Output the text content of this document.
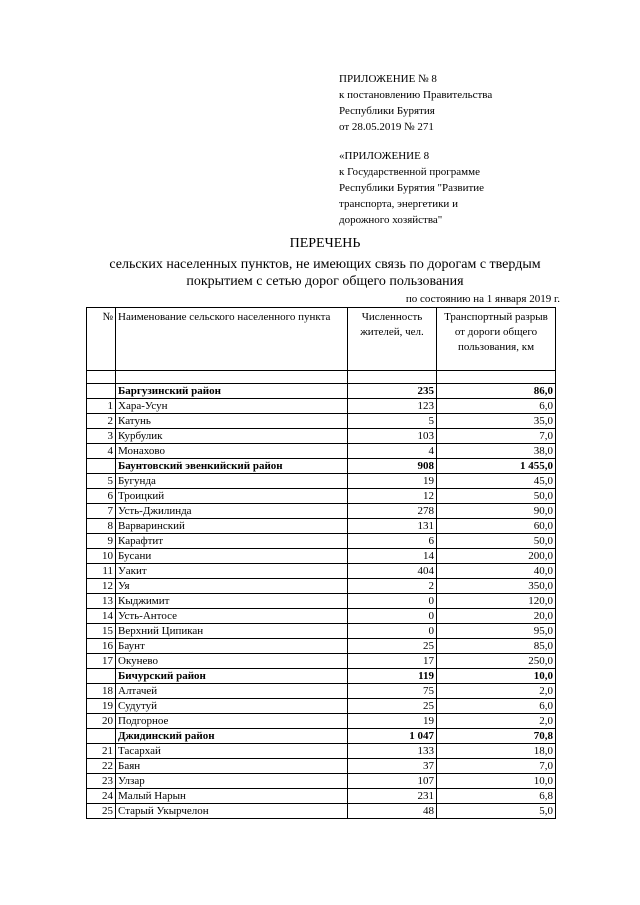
ПРИЛОЖЕНИЕ № 8
к постановлению Правительства
Республики Бурятия
от 28.05.2019 № 271
«ПРИЛОЖЕНИЕ 8
к Государственной программе
Республики Бурятия "Развитие
транспорта, энергетики и
дорожного хозяйства"
ПЕРЕЧЕНЬ
сельских населенных пунктов, не имеющих связь по дорогам с твердым
покрытием с сетью дорог общего пользования
по состоянию на 1 января 2019 г.
№	Наименование сельского населенного пункта	Численность жителей, чел.	Транспортный разрыв от дороги общего пользования, км

	Баргузинский район	235	86,0
1	Хара-Усун	123	6,0
2	Катунь	5	35,0
3	Курбулик	103	7,0
4	Монахово	4	38,0
	Баунтовский эвенкийский район	908	1 455,0
5	Бугунда	19	45,0
6	Троицкий	12	50,0
7	Усть-Джилинда	278	90,0
8	Варваринский	131	60,0
9	Карафтит	6	50,0
10	Бусани	14	200,0
11	Уакит	404	40,0
12	Уя	2	350,0
13	Кыджимит	0	120,0
14	Усть-Антосе	0	20,0
15	Верхний Ципикан	0	95,0
16	Баунт	25	85,0
17	Окунево	17	250,0
	Бичурский район	119	10,0
18	Алтачей	75	2,0
19	Судутуй	25	6,0
20	Подгорное	19	2,0
	Джидинский район	1 047	70,8
21	Тасархай	133	18,0
22	Баян	37	7,0
23	Улзар	107	10,0
24	Малый Нарын	231	6,8
25	Старый Укырчелон	48	5,0
